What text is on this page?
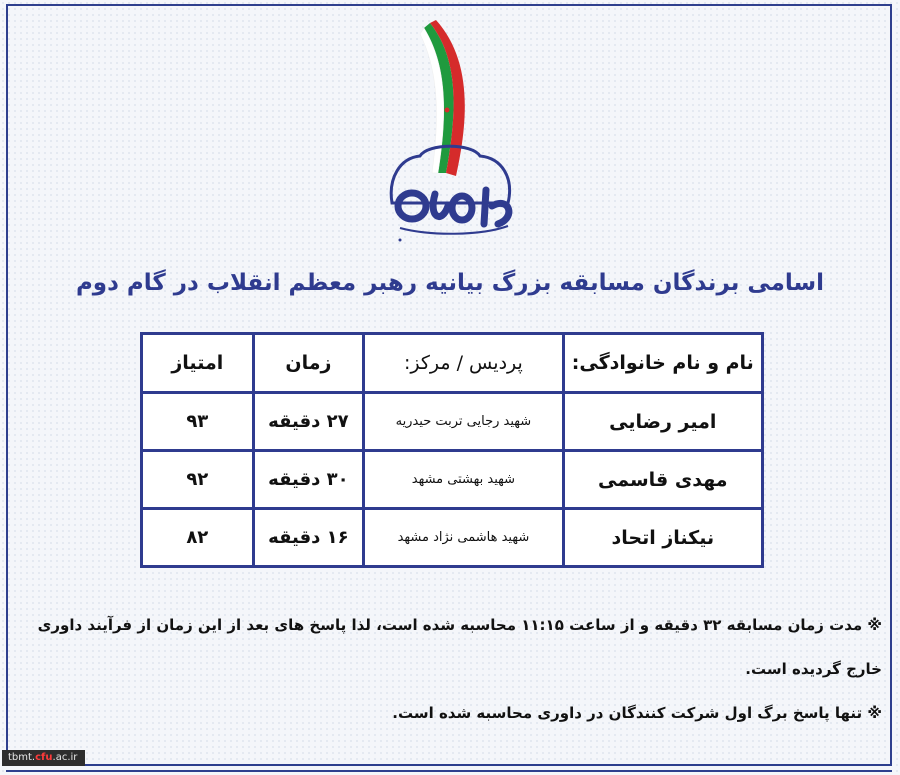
اسامی برندگان مسابقه بزرگ بیانیه رهبر معظم انقلاب در گام دوم
نام و نام خانوادگی:	پردیس / مرکز:	زمان	امتیاز
امیر رضایی	شهید رجایی تربت حیدریه	۲۷ دقیقه	۹۳
مهدی قاسمی	شهید بهشتی مشهد	۳۰ دقیقه	۹۲
نیکناز اتحاد	شهید هاشمی نژاد مشهد	۱۶ دقیقه	۸۲

※ مدت زمان مسابقه ۳۲ دقیقه و از ساعت ۱۱:۱۵ محاسبه شده است، لذا پاسخ های بعد از این زمان از فرآیند داوری

خارج گردیده است.

※ تنها پاسخ برگ اول شرکت کنندگان در داوری محاسبه شده است.

tbmt.cfu.ac.ir
